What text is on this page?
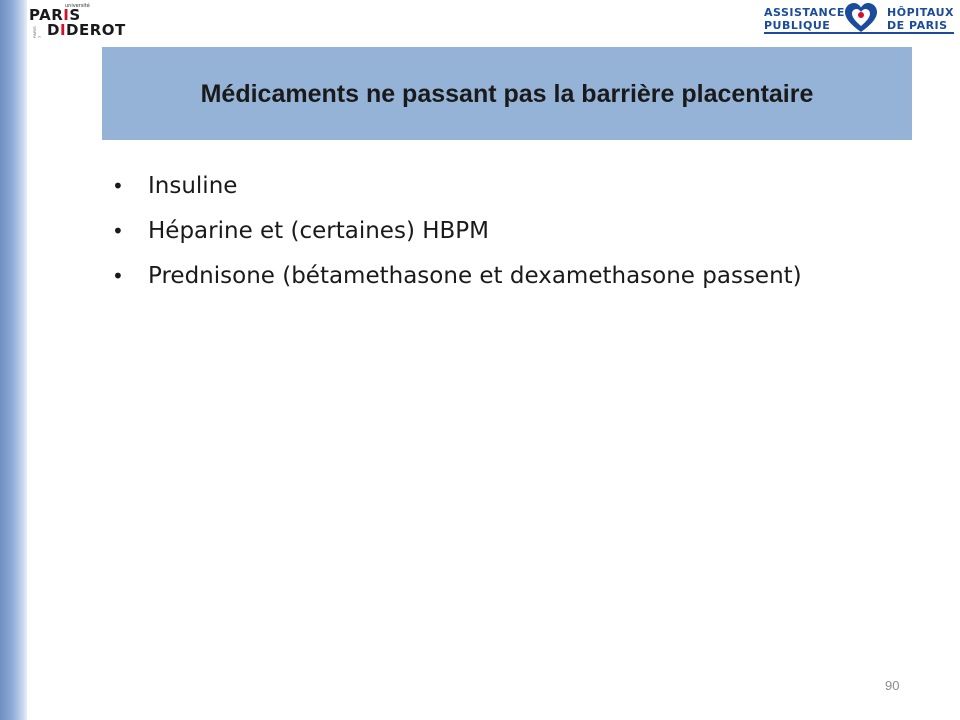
université
PARIS
DIDEROT
PARIS 7
ASSISTANCE
PUBLIQUE
HÔPITAUX
DE PARIS
Médicaments ne passant pas la barrière placentaire
•	Insuline
•	Héparine et (certaines) HBPM
•	Prednisone (bétamethasone et dexamethasone passent)
90
